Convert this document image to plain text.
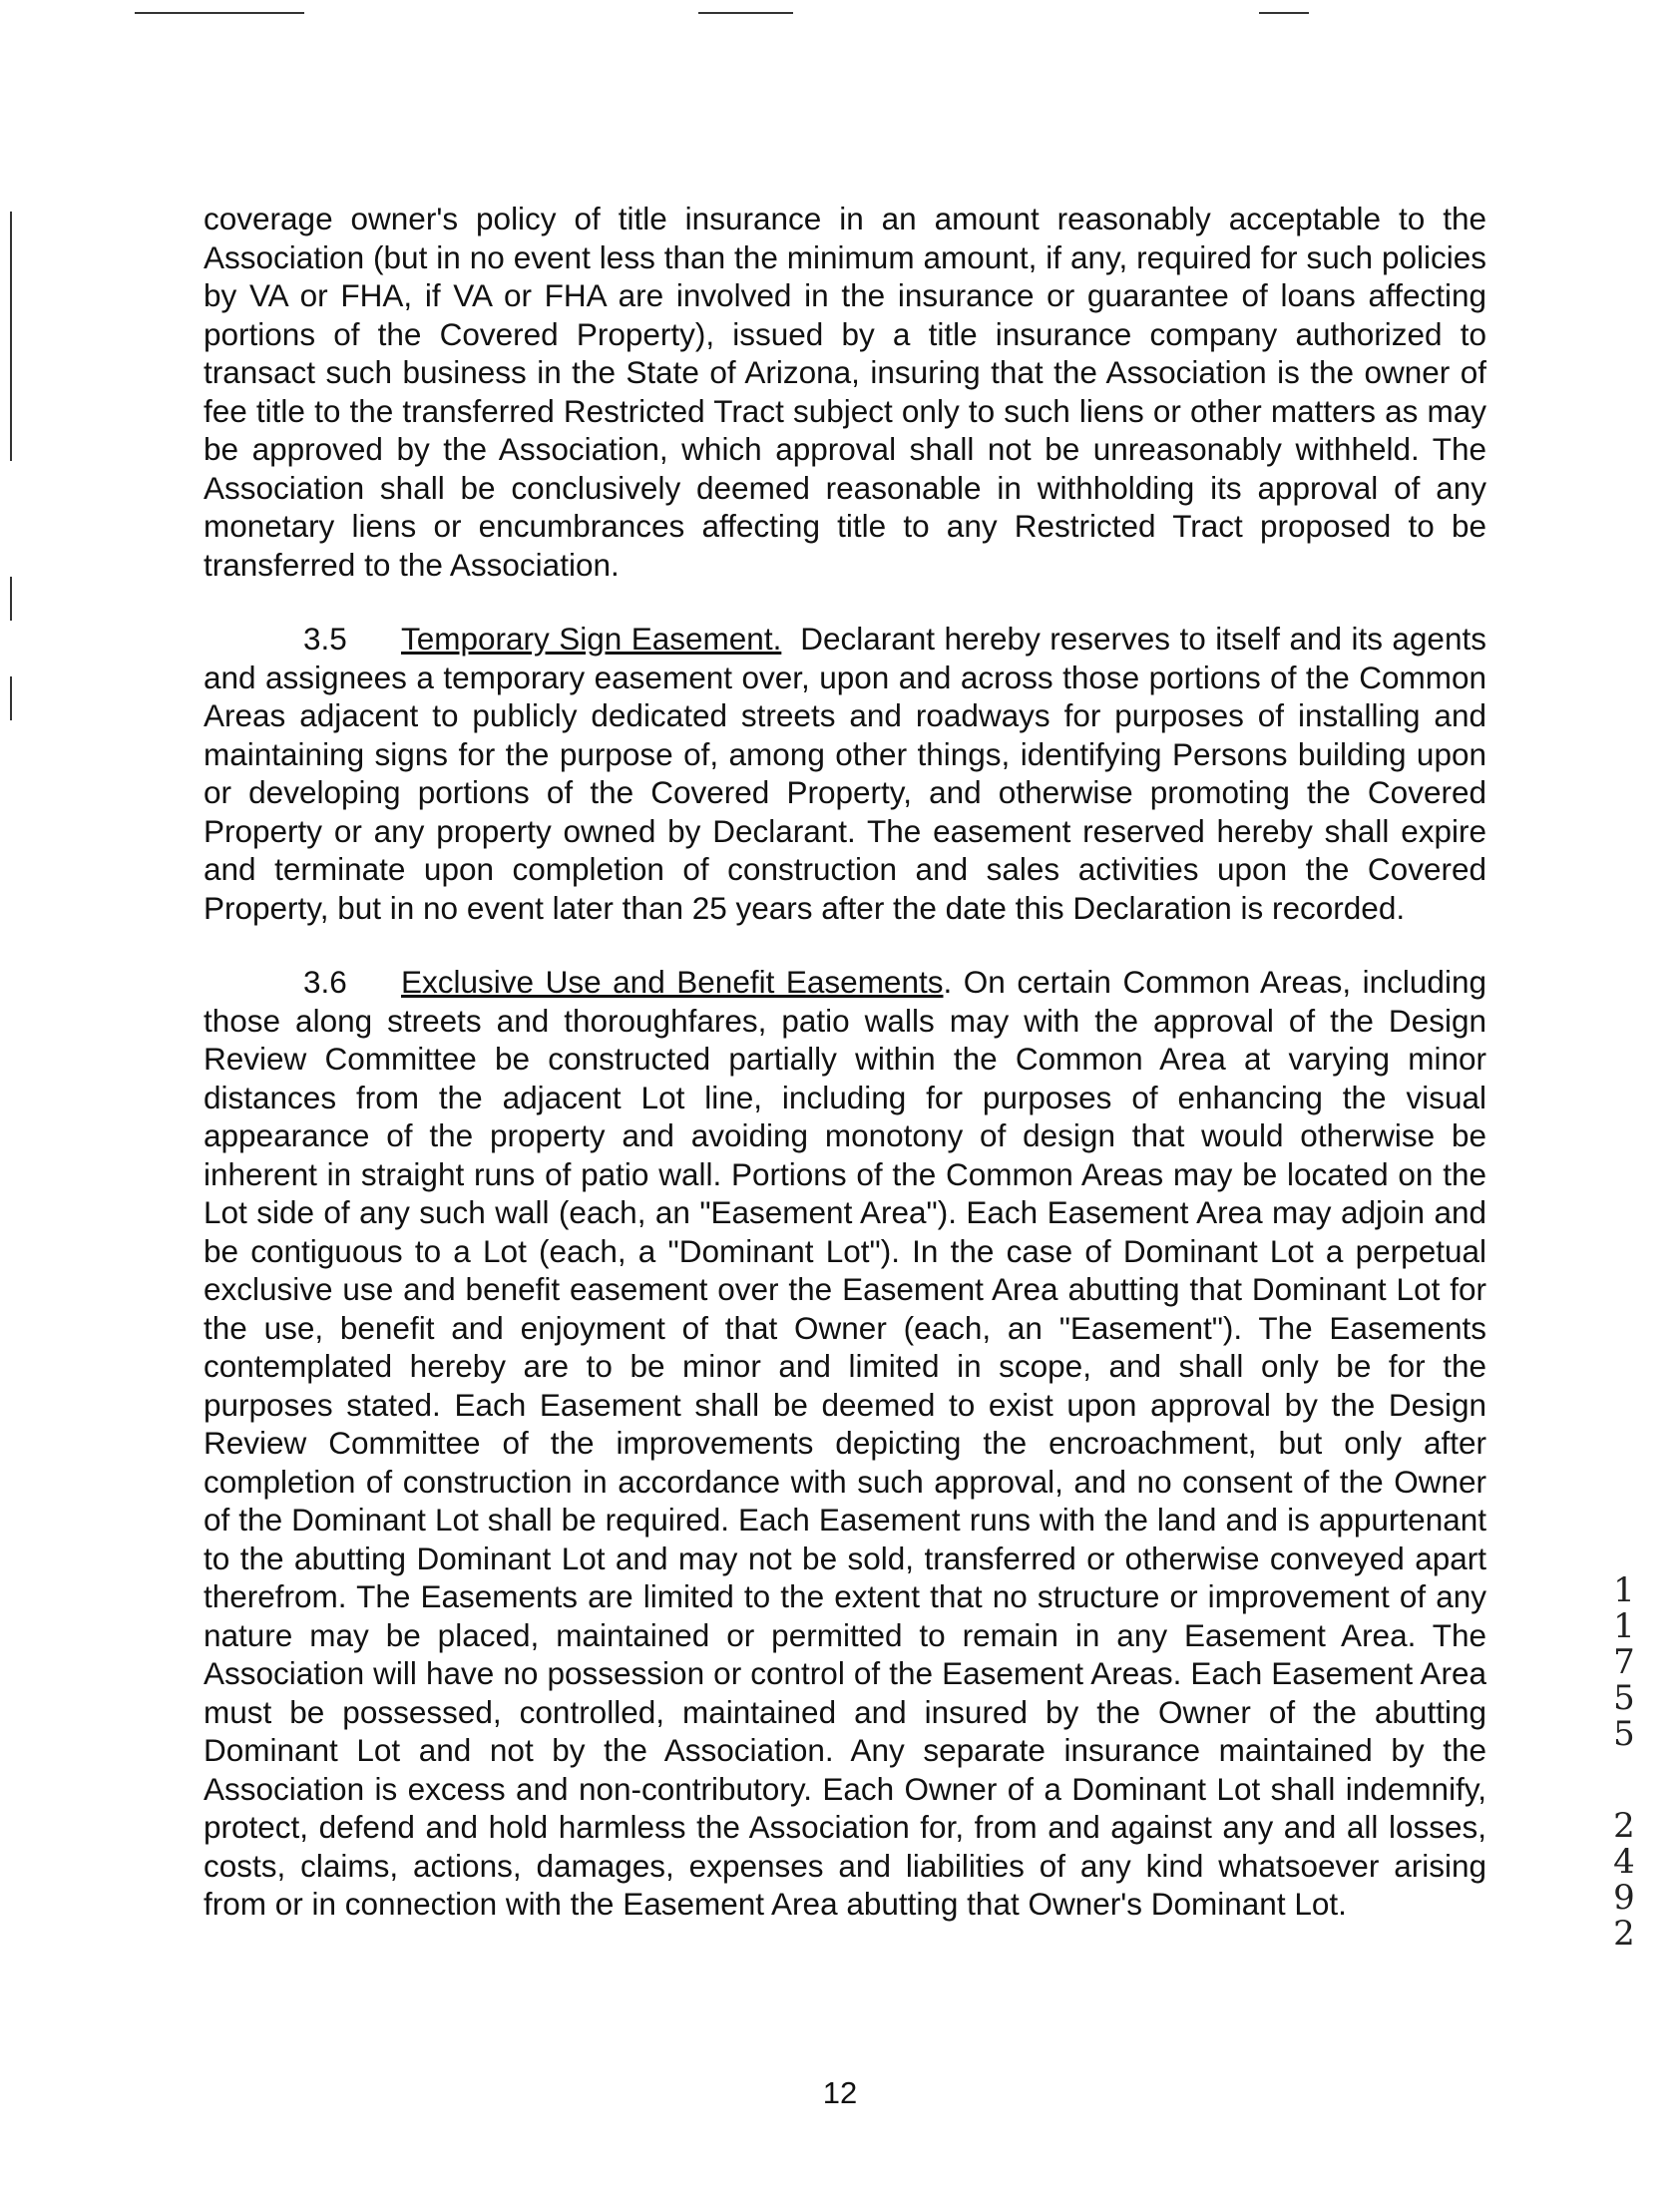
coverage owner's policy of title insurance in an amount reasonably acceptable to the Association (but in no event less than the minimum amount, if any, required for such policies by VA or FHA, if VA or FHA are involved in the insurance or guarantee of loans affecting portions of the Covered Property), issued by a title insurance company authorized to transact such business in the State of Arizona, insuring that the Association is the owner of fee title to the transferred Restricted Tract subject only to such liens or other matters as may be approved by the Association, which approval shall not be unreasonably withheld. The Association shall be conclusively deemed reasonable in withholding its approval of any monetary liens or encumbrances affecting title to any Restricted Tract proposed to be transferred to the Association.

3.5 Temporary Sign Easement. Declarant hereby reserves to itself and its agents and assignees a temporary easement over, upon and across those portions of the Common Areas adjacent to publicly dedicated streets and roadways for purposes of installing and maintaining signs for the purpose of, among other things, identifying Persons building upon or developing portions of the Covered Property, and otherwise promoting the Covered Property or any property owned by Declarant. The easement reserved hereby shall expire and terminate upon completion of construction and sales activities upon the Covered Property, but in no event later than 25 years after the date this Declaration is recorded.

3.6 Exclusive Use and Benefit Easements. On certain Common Areas, including those along streets and thoroughfares, patio walls may with the approval of the Design Review Committee be constructed partially within the Common Area at varying minor distances from the adjacent Lot line, including for purposes of enhancing the visual appearance of the property and avoiding monotony of design that would otherwise be inherent in straight runs of patio wall. Portions of the Common Areas may be located on the Lot side of any such wall (each, an "Easement Area"). Each Easement Area may adjoin and be contiguous to a Lot (each, a "Dominant Lot"). In the case of Dominant Lot a perpetual exclusive use and benefit easement over the Easement Area abutting that Dominant Lot for the use, benefit and enjoyment of that Owner (each, an "Easement"). The Easements contemplated hereby are to be minor and limited in scope, and shall only be for the purposes stated. Each Easement shall be deemed to exist upon approval by the Design Review Committee of the improvements depicting the encroachment, but only after completion of construction in accordance with such approval, and no consent of the Owner of the Dominant Lot shall be required. Each Easement runs with the land and is appurtenant to the abutting Dominant Lot and may not be sold, transferred or otherwise conveyed apart therefrom. The Easements are limited to the extent that no structure or improvement of any nature may be placed, maintained or permitted to remain in any Easement Area. The Association will have no possession or control of the Easement Areas. Each Easement Area must be possessed, controlled, maintained and insured by the Owner of the abutting Dominant Lot and not by the Association. Any separate insurance maintained by the Association is excess and non-contributory. Each Owner of a Dominant Lot shall indemnify, protect, defend and hold harmless the Association for, from and against any and all losses, costs, claims, actions, damages, expenses and liabilities of any kind whatsoever arising from or in connection with the Easement Area abutting that Owner's Dominant Lot.

12
1
1
7
5
5
2
4
9
2
